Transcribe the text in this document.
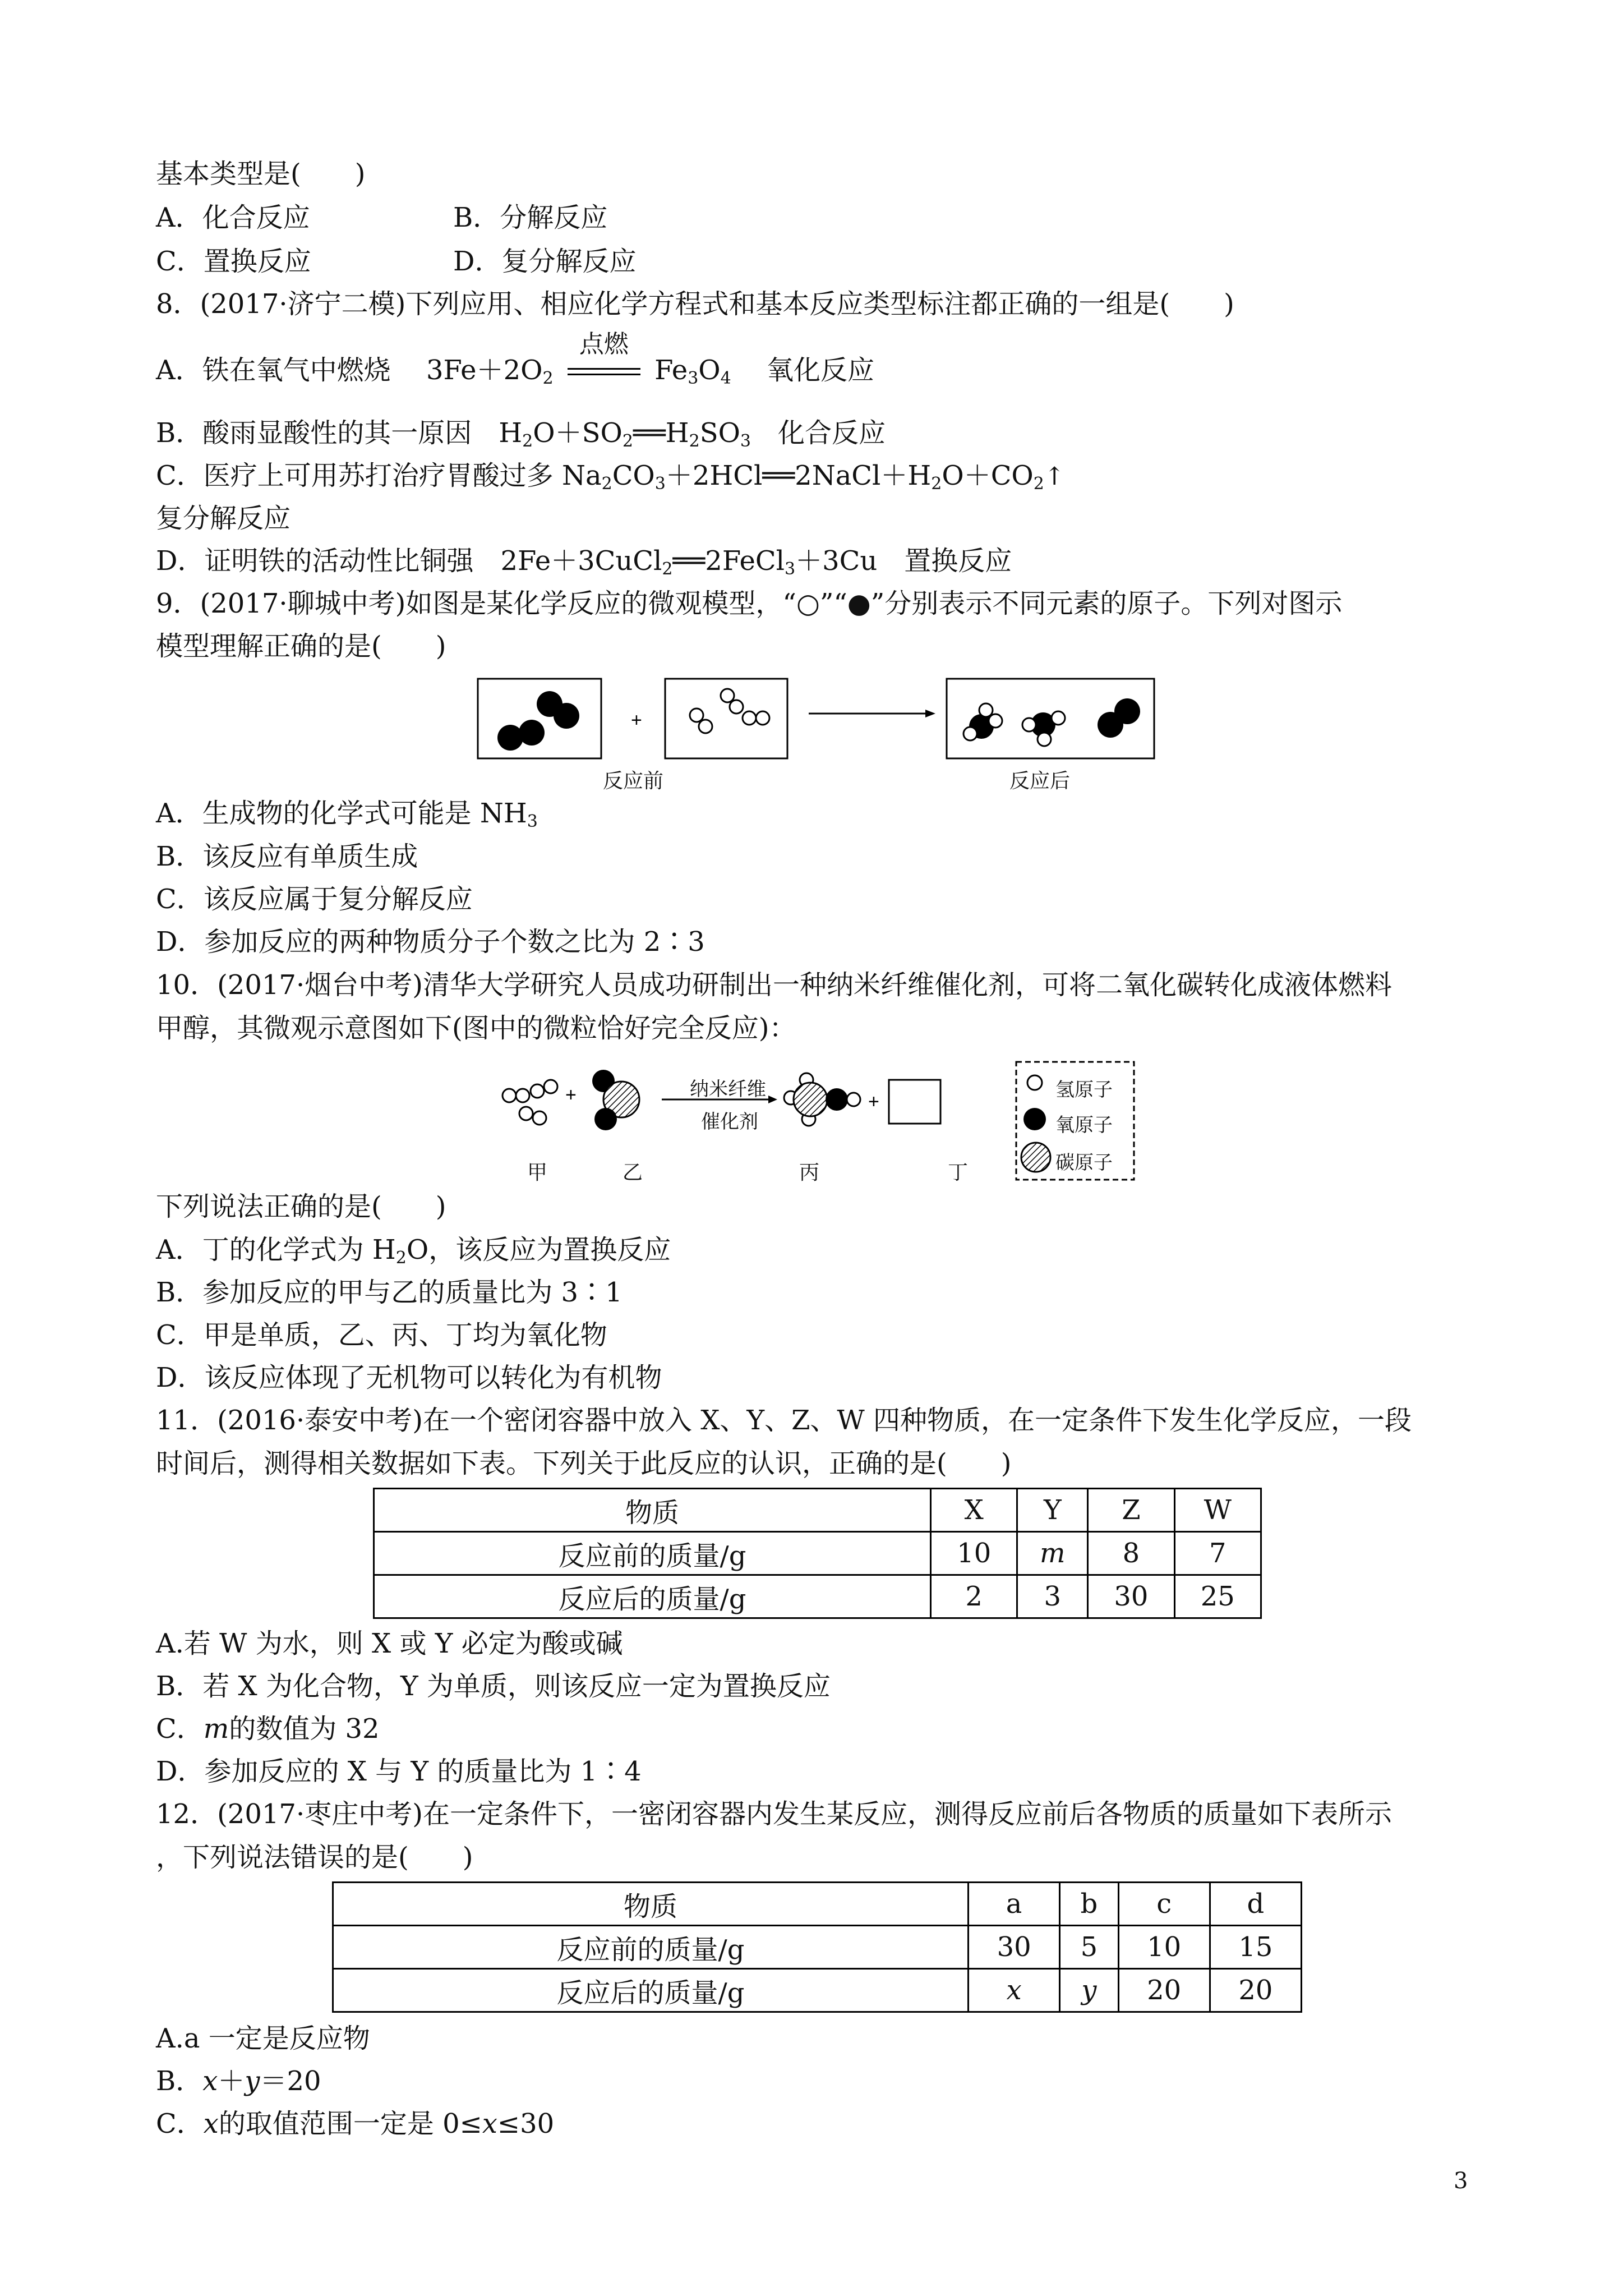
基本类型是(　　)
A．化合反应	B．分解反应
C．置换反应	D．复分解反应
8．(2017·济宁二模)下列应用、相应化学方程式和基本反应类型标注都正确的一组是(　　)
A．铁在氧气中燃烧　 $3Fe+2O_2$
点燃
$Fe_3O_4$　 氧化反应
B．酸雨显酸性的其一原因　$H_2O+SO_2══H_2SO_3$　 化合反应
C．医疗上可用苏打治疗胃酸过多 $Na_2CO_3+2HCl══2NaCl+H_2O+CO_2↑$
复分解反应
D．证明铁的活动性比铜强　2Fe＋3CuCl$_2$══2FeCl$_3$＋3Cu　置换反应
9．(2017·聊城中考)如图是某化学反应的微观模型，“○”“●”分别表示不同元素的原子。下列对图示
模型理解正确的是(　　)
+
反应前	反应后
A．生成物的化学式可能是 $NH_3$
B．该反应有单质生成
C．该反应属于复分解反应
D．参加反应的两种物质分子个数之比为 2∶3
10．(2017·烟台中考)清华大学研究人员成功研制出一种纳米纤维催化剂，可将二氧化碳转化成液体燃料
甲醇，其微观示意图如下(图中的微粒恰好完全反应)：
+	+
纳米纤维
催化剂
氢原子
氧原子
碳原子
甲	乙	丙	丁
下列说法正确的是(　　)
A．丁的化学式为 $H_2O$，该反应为置换反应
B．参加反应的甲与乙的质量比为 3∶1
C．甲是单质，乙、丙、丁均为氧化物
D．该反应体现了无机物可以转化为有机物
11．(2016·泰安中考)在一个密闭容器中放入 X、Y、Z、W 四种物质，在一定条件下发生化学反应，一段
时间后，测得相关数据如下表。下列关于此反应的认识，正确的是(　　)
物质	X	Y	Z	W
反应前的质量/g	10	m	8	7
反应后的质量/g	2	3	30	25
A.若 W 为水，则 X 或 Y 必定为酸或碱
B．若 X 为化合物，Y 为单质，则该反应一定为置换反应
C．m的数值为 32
D．参加反应的 X 与 Y 的质量比为 1∶4
12．(2017·枣庄中考)在一定条件下，一密闭容器内发生某反应，测得反应前后各物质的质量如下表所示
，下列说法错误的是(　　)
物质	a	b	c	d
反应前的质量/g	30	5	10	15
反应后的质量/g	x	y	20	20
A.a 一定是反应物
B．x＋y＝20
C．x的取值范围一定是 0≤x≤30
3
